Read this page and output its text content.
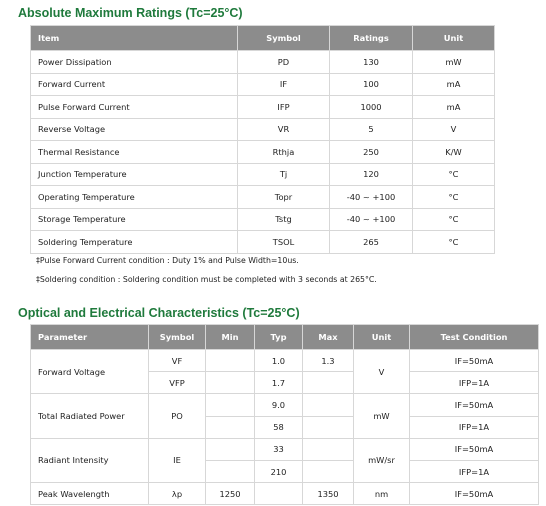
Absolute Maximum Ratings (Tc=25°C)
Item	Symbol	Ratings	Unit
Power Dissipation	PD	130	mW
Forward Current	IF	100	mA
Pulse Forward Current	IFP	1000	mA
Reverse Voltage	VR	5	V
Thermal Resistance	Rthja	250	K/W
Junction Temperature	Tj	120	°C
Operating Temperature	Topr	-40 ~ +100	°C
Storage Temperature	Tstg	-40 ~ +100	°C
Soldering Temperature	TSOL	265	°C

‡Pulse Forward Current condition : Duty 1% and Pulse Width=10us.

‡Soldering condition : Soldering condition must be completed with 3 seconds at 265°C.

Optical and Electrical Characteristics (Tc=25°C)
Parameter	Symbol	Min	Typ	Max	Unit	Test Condition
Forward Voltage	VF		1.0	1.3	V	IF=50mA
	VFP		1.7			IFP=1A
Total Radiated Power	PO		9.0		mW	IF=50mA
			58			IFP=1A
Radiant Intensity	IE		33		mW/sr	IF=50mA
			210			IFP=1A
Peak Wavelength	λp	1250		1350	nm	IF=50mA
